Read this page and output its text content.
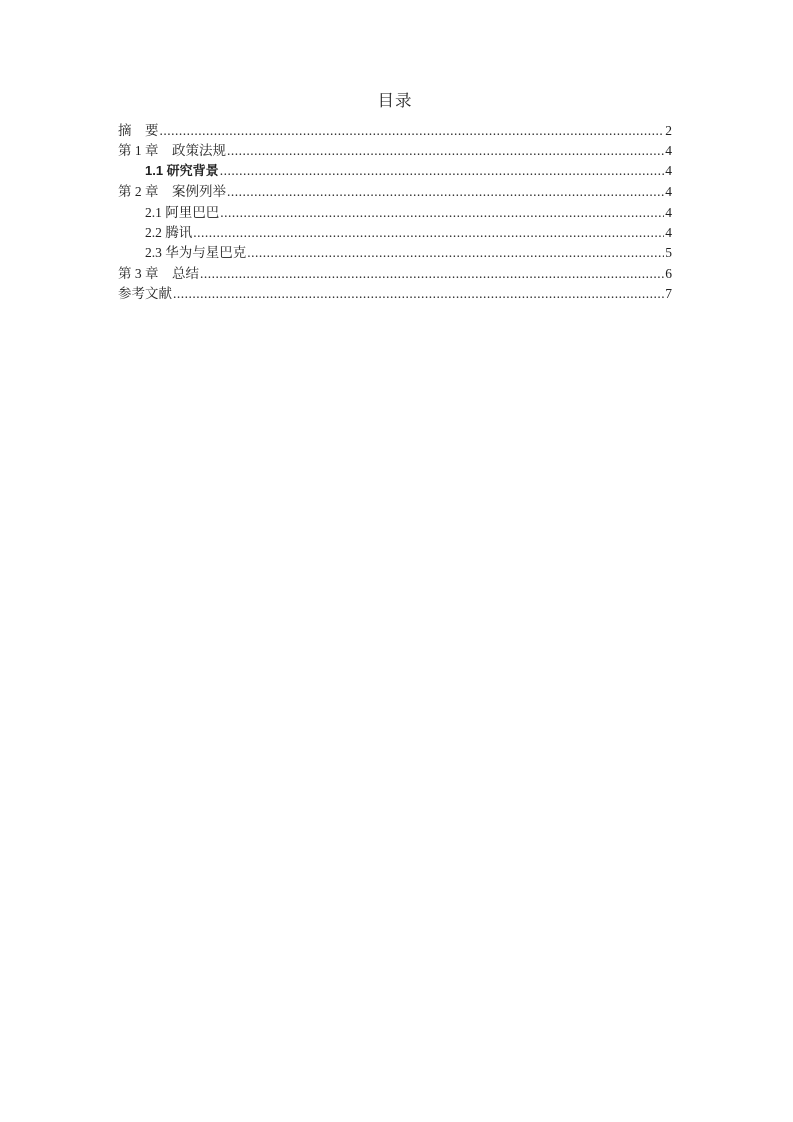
目录
摘　要 .....	2
第 1 章　政策法规 .....	4
1.1 研究背景 .....	4
第 2 章　案例列举 .....	4
2.1 阿里巴巴 .....	4
2.2 腾讯 .....	4
2.3 华为与星巴克 .....	5
第 3 章　总结 .....	6
参考文献 .....	7
